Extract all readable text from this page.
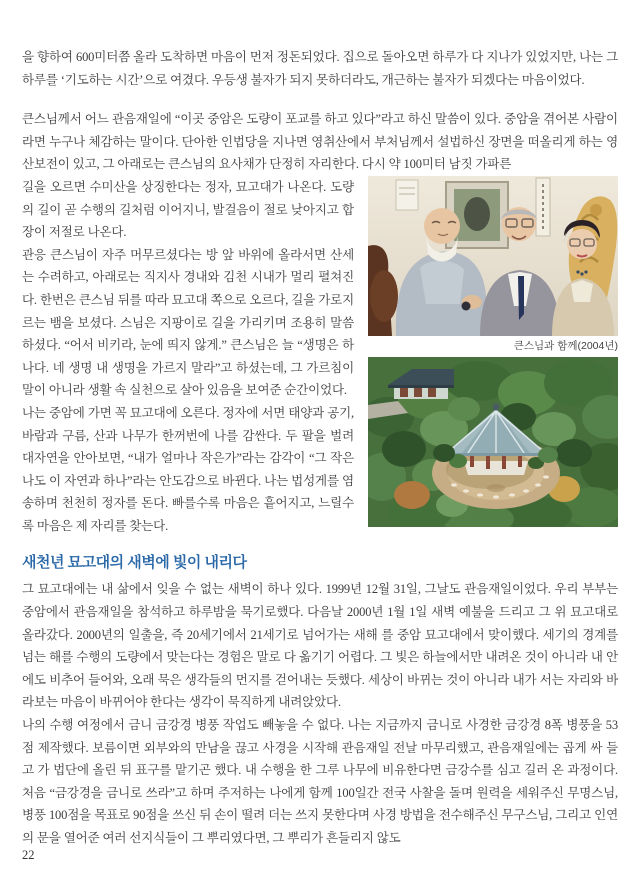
을 향하여 600미터쯤 올라 도착하면 마음이 먼저 정돈되었다. 집으로 돌아오면 하루가 다 지나가 있었지만, 나는 그 하루를 ‘기도하는 시간’으로 여겼다. 우등생 불자가 되지 못하더라도, 개근하는 불자가 되겠다는 마음이었다.

큰스님께서 어느 관음재일에 “이곳 중암은 도량이 포교를 하고 있다”라고 하신 말씀이 있다. 중암을 겪어본 사람이라면 누구나 체감하는 말이다. 단아한 인법당을 지나면 영취산에서 부처님께서 설법하신 장면을 떠올리게 하는 영산보전이 있고, 그 아래로는 큰스님의 요사채가 단정히 자리한다. 다시 약 100미터 남짓 가파른

큰스님과 함께(2004년)

길을 오르면 수미산을 상징한다는 정자, 묘고대가 나온다. 도량의 길이 곧 수행의 길처럼 이어지니, 발걸음이 절로 낮아지고 합장이 저절로 나온다.

관응 큰스님이 자주 머무르셨다는 방 앞 바위에 올라서면 산세는 수려하고, 아래로는 직지사 경내와 김천 시내가 멀리 펼쳐진다. 한번은 큰스님 뒤를 따라 묘고대 쪽으로 오르다, 길을 가로지르는 뱀을 보셨다. 스님은 지팡이로 길을 가리키며 조용히 말씀하셨다. “어서 비키라, 눈에 띄지 않게.” 큰스님은 늘 “생명은 하나다. 네 생명 내 생명을 가르지 말라”고 하셨는데, 그 가르침이 말이 아니라 생활 속 실천으로 살아 있음을 보여준 순간이었다.

나는 중암에 가면 꼭 묘고대에 오른다. 정자에 서면 태양과 공기, 바람과 구름, 산과 나무가 한꺼번에 나를 감싼다. 두 팔을 벌려 대자연을 안아보면, “내가 얼마나 작은가”라는 감각이 “그 작은 나도 이 자연과 하나”라는 안도감으로 바뀐다. 나는 법성게를 염송하며 천천히 정자를 돈다. 빠를수록 마음은 흩어지고, 느릴수록 마음은 제 자리를 찾는다.

새천년 묘고대의 새벽에 빛이 내리다

그 묘고대에는 내 삶에서 잊을 수 없는 새벽이 하나 있다. 1999년 12월 31일, 그날도 관음재일이었다. 우리 부부는 중암에서 관음재일을 참석하고 하루밤을 묵기로했다. 다음날 2000년 1월 1일 새벽 예불을 드리고 그 위 묘고대로 올라갔다. 2000년의 일출을, 즉 20세기에서 21세기로 넘어가는 새해 를 중암 묘고대에서 맞이했다. 세기의 경계를 넘는 해를 수행의 도량에서 맞는다는 경험은 말로 다 옮기기 어렵다. 그 빛은 하늘에서만 내려온 것이 아니라 내 안에도 비추어 들어와, 오래 묵은 생각들의 먼지를 걷어내는 듯했다. 세상이 바뀌는 것이 아니라 내가 서는 자리와 바라보는 마음이 바뀌어야 한다는 생각이 묵직하게 내려앉았다.

나의 수행 여정에서 금니 금강경 병풍 작업도 빼놓을 수 없다. 나는 지금까지 금니로 사경한 금강경 8폭 병풍을 53점 제작했다. 보름이면 외부와의 만남을 끊고 사경을 시작해 관음재일 전날 마무리했고, 관음재일에는 곱게 싸 들고 가 법단에 올린 뒤 표구를 맡기곤 했다. 내 수행을 한 그루 나무에 비유한다면 금강수를 심고 길러 온 과정이다. 처음 “금강경을 금니로 쓰라”고 하며 주저하는 나에게 함께 100일간 전국 사찰을 돌며 원력을 세워주신 무명스님, 병풍 100점을 목표로 90점을 쓰신 뒤 손이 떨려 더는 쓰지 못한다며 사경 방법을 전수해주신 무구스님, 그리고 인연의 문을 열어준 여러 선지식들이 그 뿌리였다면, 그 뿌리가 흔들리지 않도

22
